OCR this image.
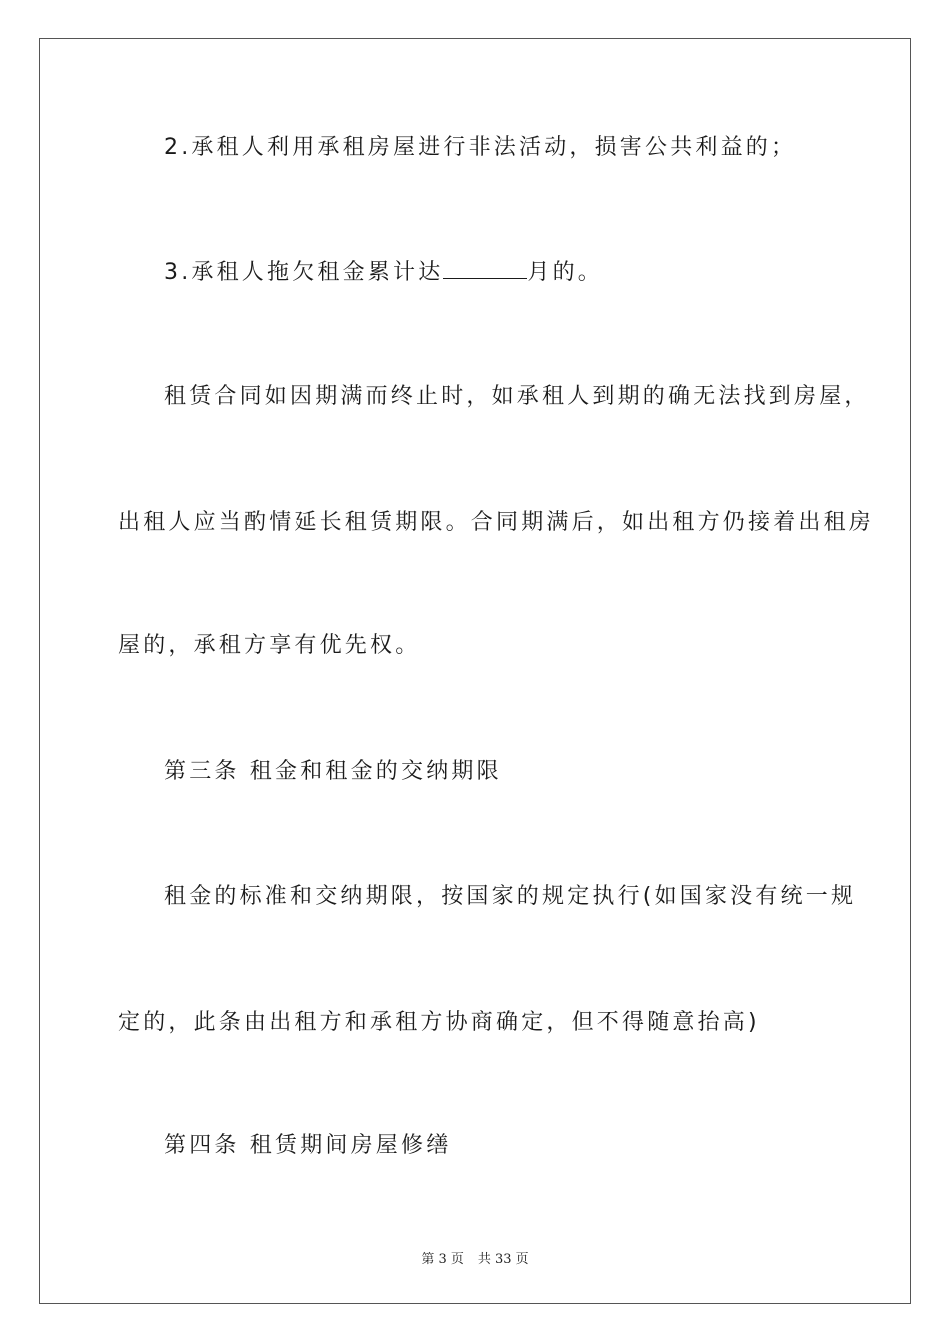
2.承租人利用承租房屋进行非法活动，损害公共利益的；
3.承租人拖欠租金累计达	月的。
租赁合同如因期满而终止时，如承租人到期的确无法找到房屋，
出租人应当酌情延长租赁期限。合同期满后，如出租方仍接着出租房
屋的，承租方享有优先权。
第三条 租金和租金的交纳期限
租金的标准和交纳期限，按国家的规定执行(如国家没有统一规
定的，此条由出租方和承租方协商确定，但不得随意抬高)
第四条 租赁期间房屋修缮
第 3 页 共 33 页
